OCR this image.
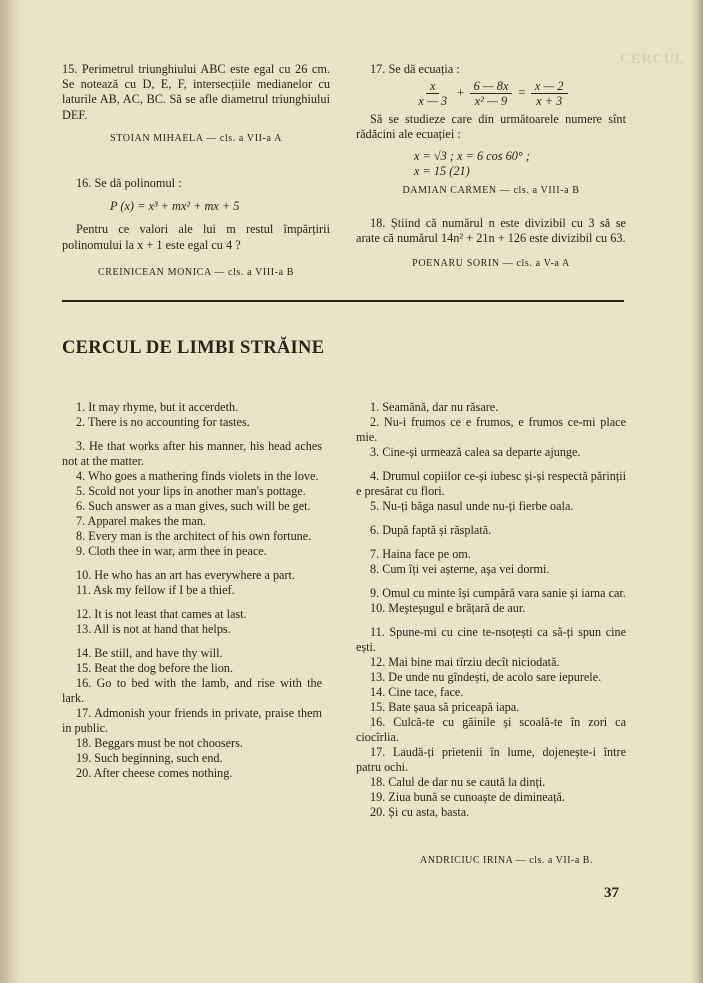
CERCUL

15. Perimetrul triunghiului ABC este egal cu 26 cm. Se notează cu D, E, F, intersecțiile medianelor cu laturile AB, AC, BC. Să se afle diametrul triunghiului DEF.

STOIAN MIHAELA — cls. a VII-a A

16. Se dă polinomul :

P (x) = x³ + mx² + mx + 5

Pentru ce valori ale lui m restul împărțirii polinomului la x + 1 este egal cu 4 ?

CREINICEAN MONICA — cls. a VIII-a B

17. Se dă ecuația :

$\frac{x}{x — 3} + \frac{6 — 8x}{\text{x² — 9}} = \frac{x — 2}{x + 3}$

Să se studieze care din următoarele numere sînt rădăcini ale ecuației :

x = √3 ; x = 6 cos 60° ;
x = 15 (21)
DAMIAN CARMEN — cls. a VIII-a B

18. Știind că numărul n este divizibil cu 3 să se arate că numărul 14n² + 21n + 126 este divizibil cu 63.

POENARU SORIN — cls. a V-a A
CERCUL DE LIMBI STRĂINE

1. It may rhyme, but it accerdeth.

2. There is no accounting for tastes.

3. He that works after his manner, his head aches not at the matter.

4. Who goes a mathering finds violets in the love.

5. Scold not your lips in another man's pottage.

6. Such answer as a man gives, such will be get.

7. Apparel makes the man.

8. Every man is the architect of his own fortune.

9. Cloth thee in war, arm thee in peace.

10. He who has an art has everywhere a part.

11. Ask my fellow if I be a thief.

12. It is not least that cames at last.

13. All is not at hand that helps.

14. Be still, and have thy will.

15. Beat the dog before the lion.

16. Go to bed with the lamb, and rise with the lark.

17. Admonish your friends in private, praise them in public.

18. Beggars must be not choosers.

19. Such beginning, such end.

20. After cheese comes nothing.

1. Seamănă, dar nu răsare.

2. Nu-i frumos ce e frumos, e frumos ce-mi place mie.

3. Cine-și urmează calea sa departe ajunge.

4. Drumul copiilor ce-și iubesc și-și respectă părinții e presărat cu flori.

5. Nu-ți băga nasul unde nu-ți fierbe oala.

6. După faptă și răsplată.

7. Haina face pe om.

8. Cum îți vei așterne, așa vei dormi.

9. Omul cu minte își cumpără vara sanie și iarna car.

10. Meșteșugul e brățară de aur.

11. Spune-mi cu cine te-nsoțești ca să-ți spun cine ești.

12. Mai bine mai tîrziu decît niciodată.

13. De unde nu gîndești, de acolo sare iepurele.

14. Cine tace, face.

15. Bate șaua să priceapă iapa.

16. Culcă-te cu găinile și scoală-te în zori ca ciocîrlia.

17. Laudă-ți prietenii în lume, dojenește-i între patru ochi.

18. Calul de dar nu se caută la dinți.

19. Ziua bună se cunoaște de dimineață.

20. Și cu asta, basta.

ANDRICIUC IRINA — cls. a VII-a B.
37
